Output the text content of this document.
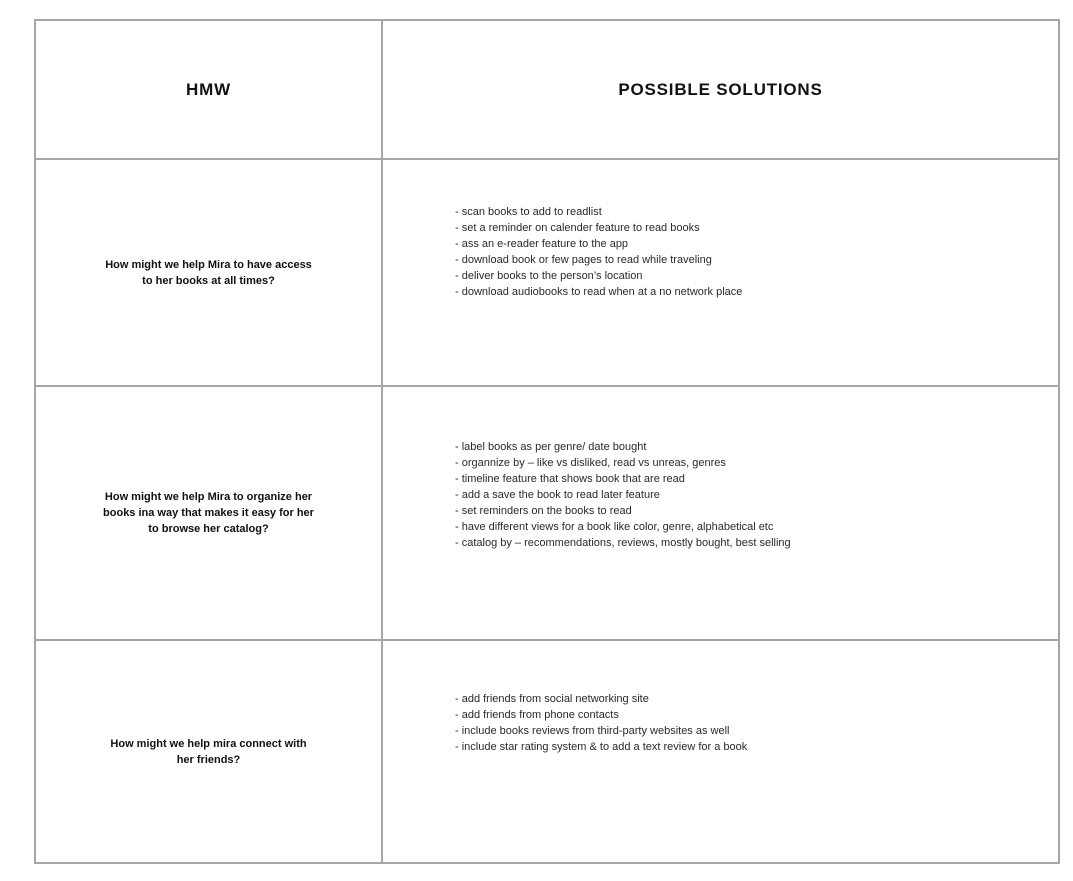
HMW	POSSIBLE SOLUTIONS
How might we help Mira to have access to her books at all times?
- scan books to add to readlist
- set a reminder on calender feature to read books
- ass an e-reader feature to the app
- download book or few pages to read while traveling
- deliver books to the person’s location
- download audiobooks to read when at a no network place
How might we help Mira to organize her books ina way that makes it easy for her to browse her catalog?
- label books as per genre/ date bought
- organnize by – like vs disliked, read vs unreas, genres
- timeline feature that shows book that are read
- add a save the book to read later feature
- set reminders on the books to read
- have different views for a book like color, genre, alphabetical etc
- catalog by – recommendations, reviews, mostly bought, best selling
How might we help mira connect with her friends?
- add friends from social networking site
- add friends from phone contacts
- include books reviews from third-party websites as well
- include star rating system & to add a text review for a book
